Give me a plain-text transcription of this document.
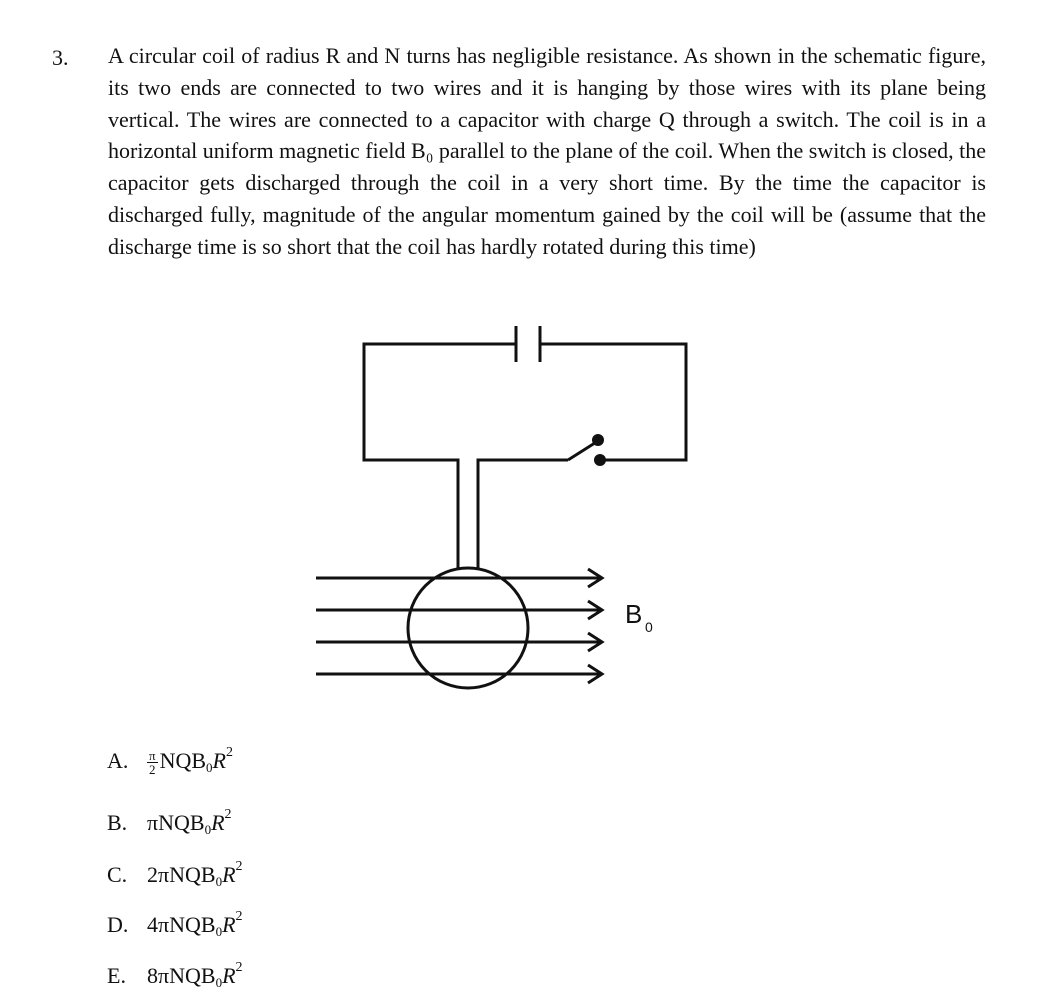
3. A circular coil of radius R and N turns has negligible resistance. As shown in the schematic figure, its two ends are connected to two wires and it is hanging by those wires with its plane being vertical. The wires are connected to a capacitor with charge Q through a switch. The coil is in a horizontal uniform magnetic field B₀ parallel to the plane of the coil. When the switch is closed, the capacitor gets discharged through the coil in a very short time. By the time the capacitor is discharged fully, magnitude of the angular momentum gained by the coil will be (assume that the discharge time is so short that the coil has hardly rotated during this time)
B 0
A. $\frac{\pi}{2} NQB_0R^2$
B. $\pi NQB_0R^2$
C. $2\pi NQB_0R^2$
D. $4\pi NQB_0R^2$
E. $8\pi NQB_0R^2$
